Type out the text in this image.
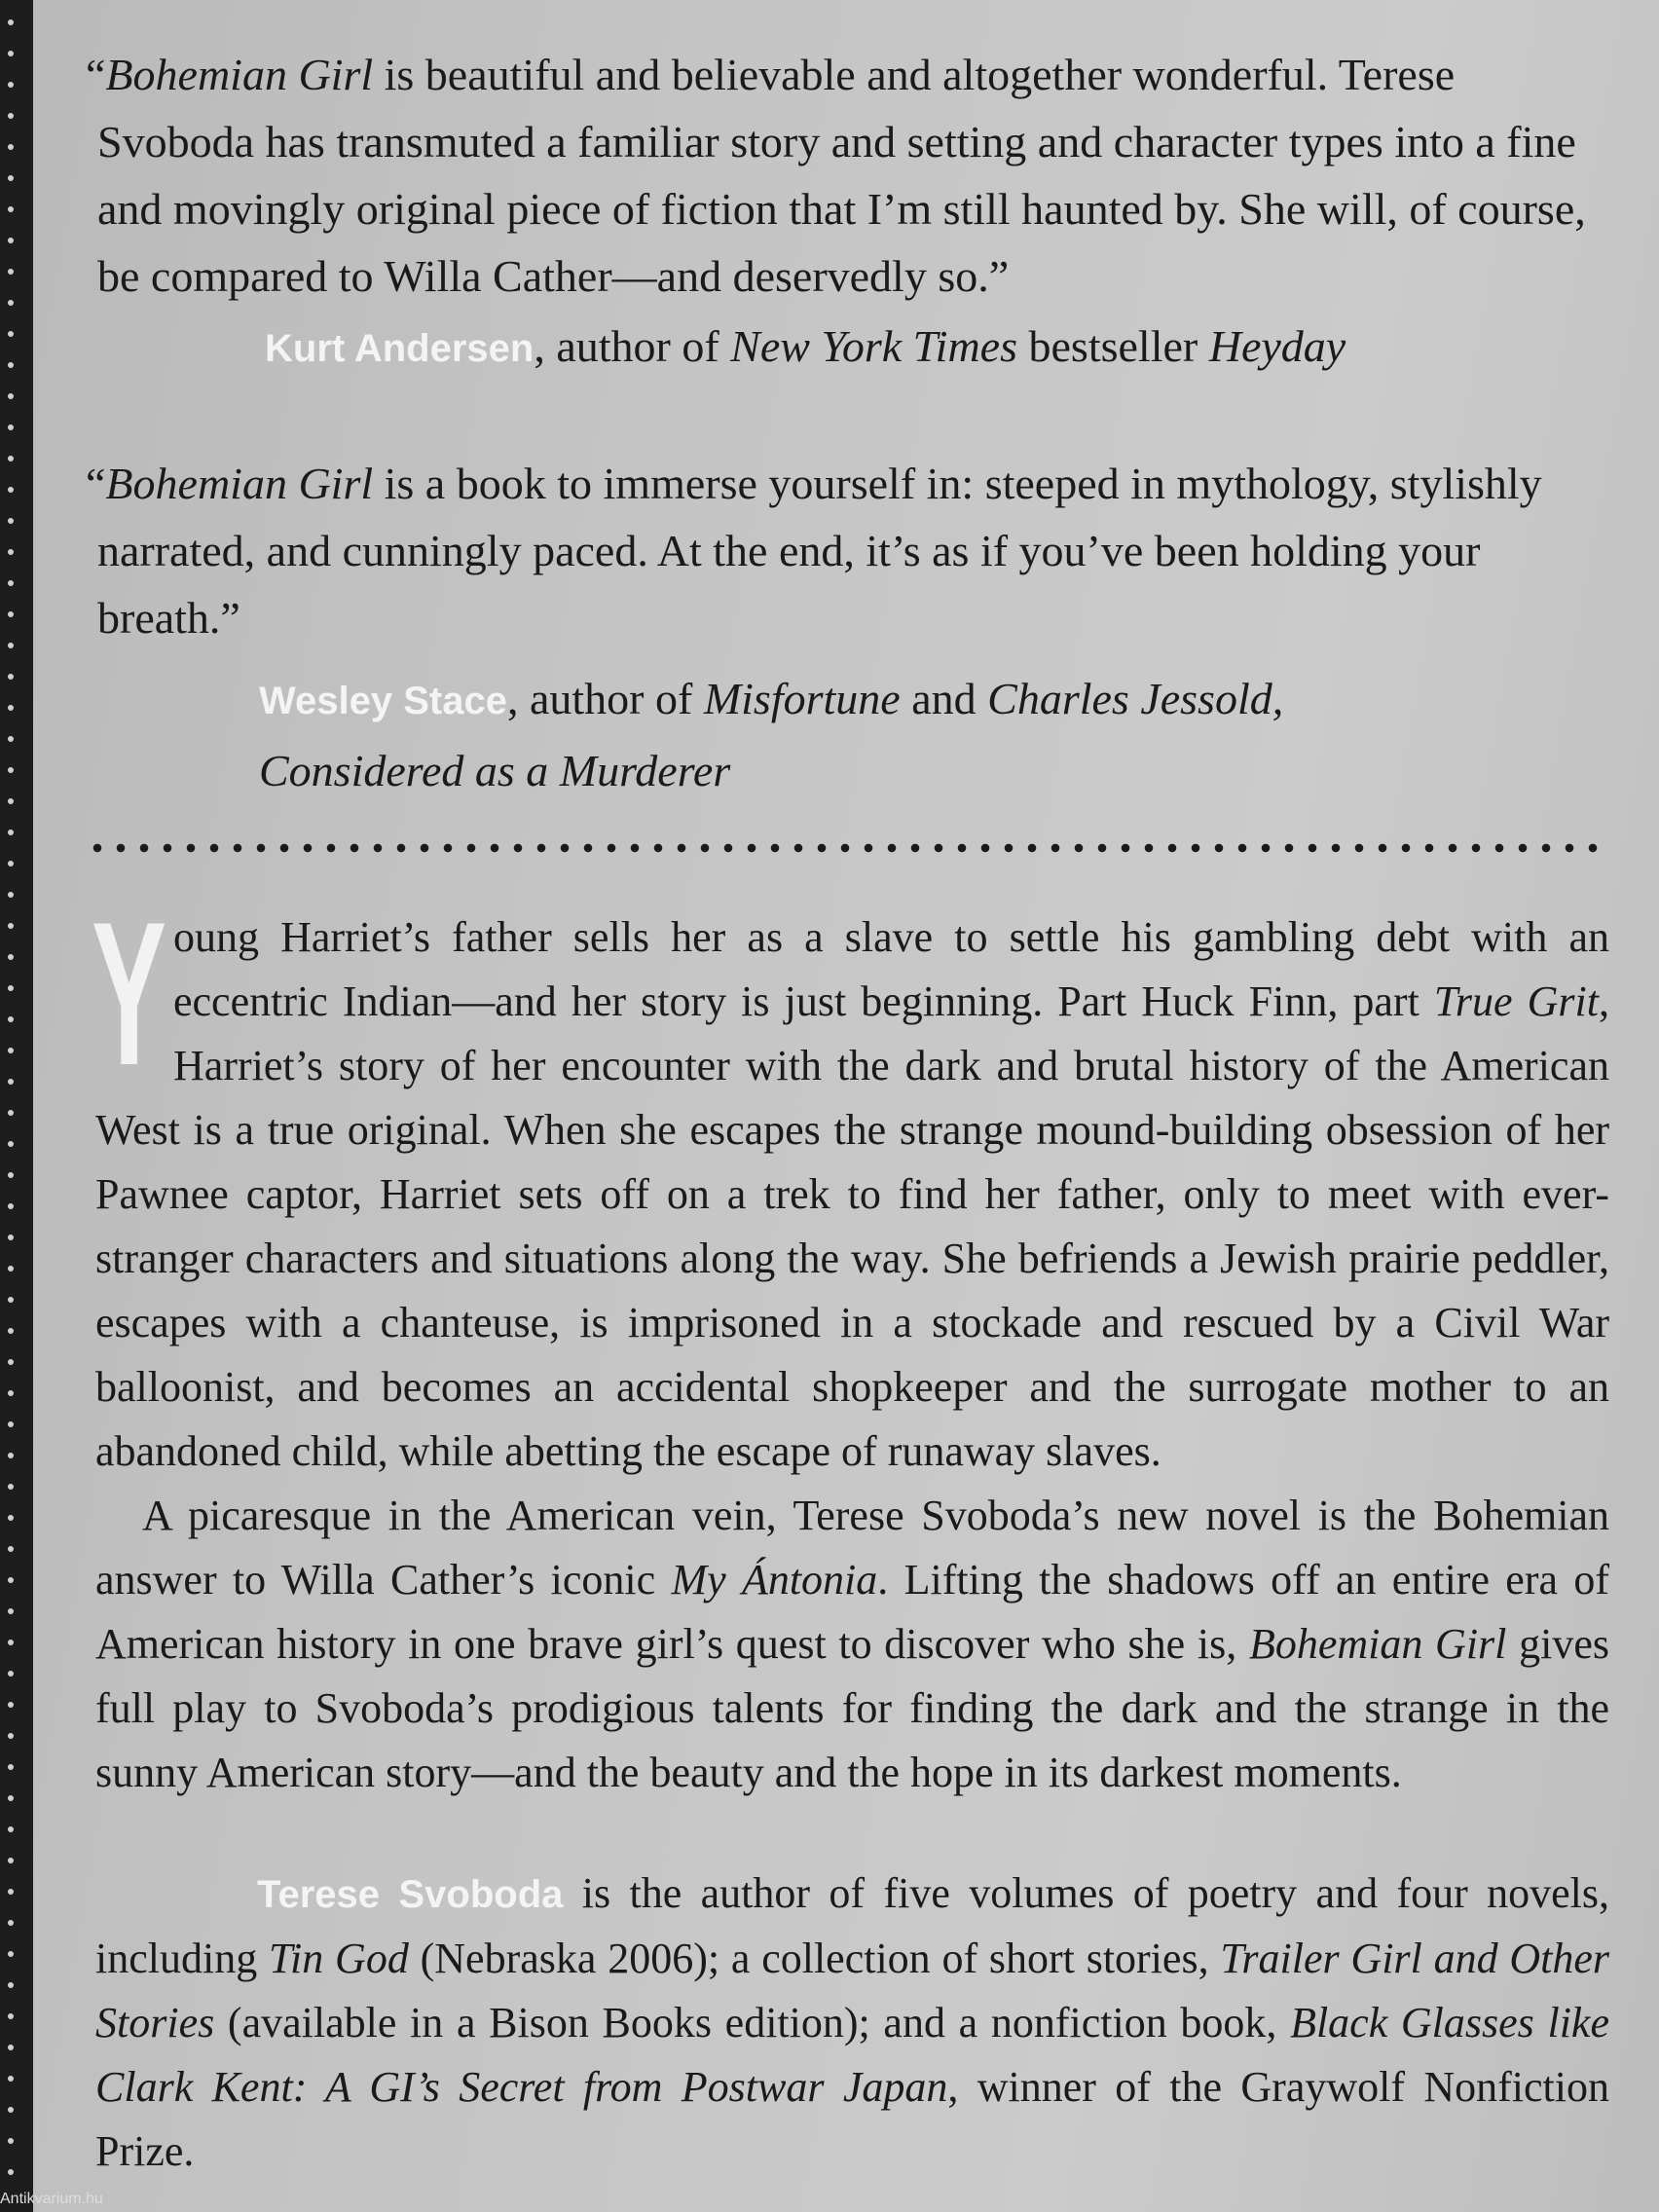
“Bohemian Girl is beautiful and believable and altogether wonderful. Terese Svoboda has transmuted a familiar story and setting and character types into a fine and movingly original piece of fiction that I’m still haunted by. She will, of course, be compared to Willa Cather—and deservedly so.”
Kurt Andersen, author of New York Times bestseller Heyday
“Bohemian Girl is a book to immerse yourself in: steeped in mythology, stylishly narrated, and cunningly paced. At the end, it’s as if you’ve been holding your breath.”
Wesley Stace, author of Misfortune and Charles Jessold, Considered as a Murderer

Young Harriet’s father sells her as a slave to settle his gambling debt with an eccentric Indian—and her story is just beginning. Part Huck Finn, part True Grit, Harriet’s story of her encounter with the dark and brutal history of the American West is a true original. When she escapes the strange mound-building obsession of her Pawnee captor, Harriet sets off on a trek to find her father, only to meet with ever-stranger characters and situations along the way. She befriends a Jewish prairie peddler, escapes with a chanteuse, is imprisoned in a stockade and rescued by a Civil War balloonist, and becomes an accidental shopkeeper and the surrogate mother to an abandoned child, while abetting the escape of runaway slaves.

A picaresque in the American vein, Terese Svoboda’s new novel is the Bohemian answer to Willa Cather’s iconic My Ántonia. Lifting the shadows off an entire era of American history in one brave girl’s quest to discover who she is, Bohemian Girl gives full play to Svoboda’s prodigious talents for finding the dark and the strange in the sunny American story—and the beauty and the hope in its darkest moments.

Terese Svoboda is the author of five volumes of poetry and four novels, including Tin God (Nebraska 2006); a collection of short stories, Trailer Girl and Other Stories (available in a Bison Books edition); and a nonfiction book, Black Glasses like Clark Kent: A GI’s Secret from Postwar Japan, winner of the Graywolf Nonfiction Prize.

Antikvarium.hu
